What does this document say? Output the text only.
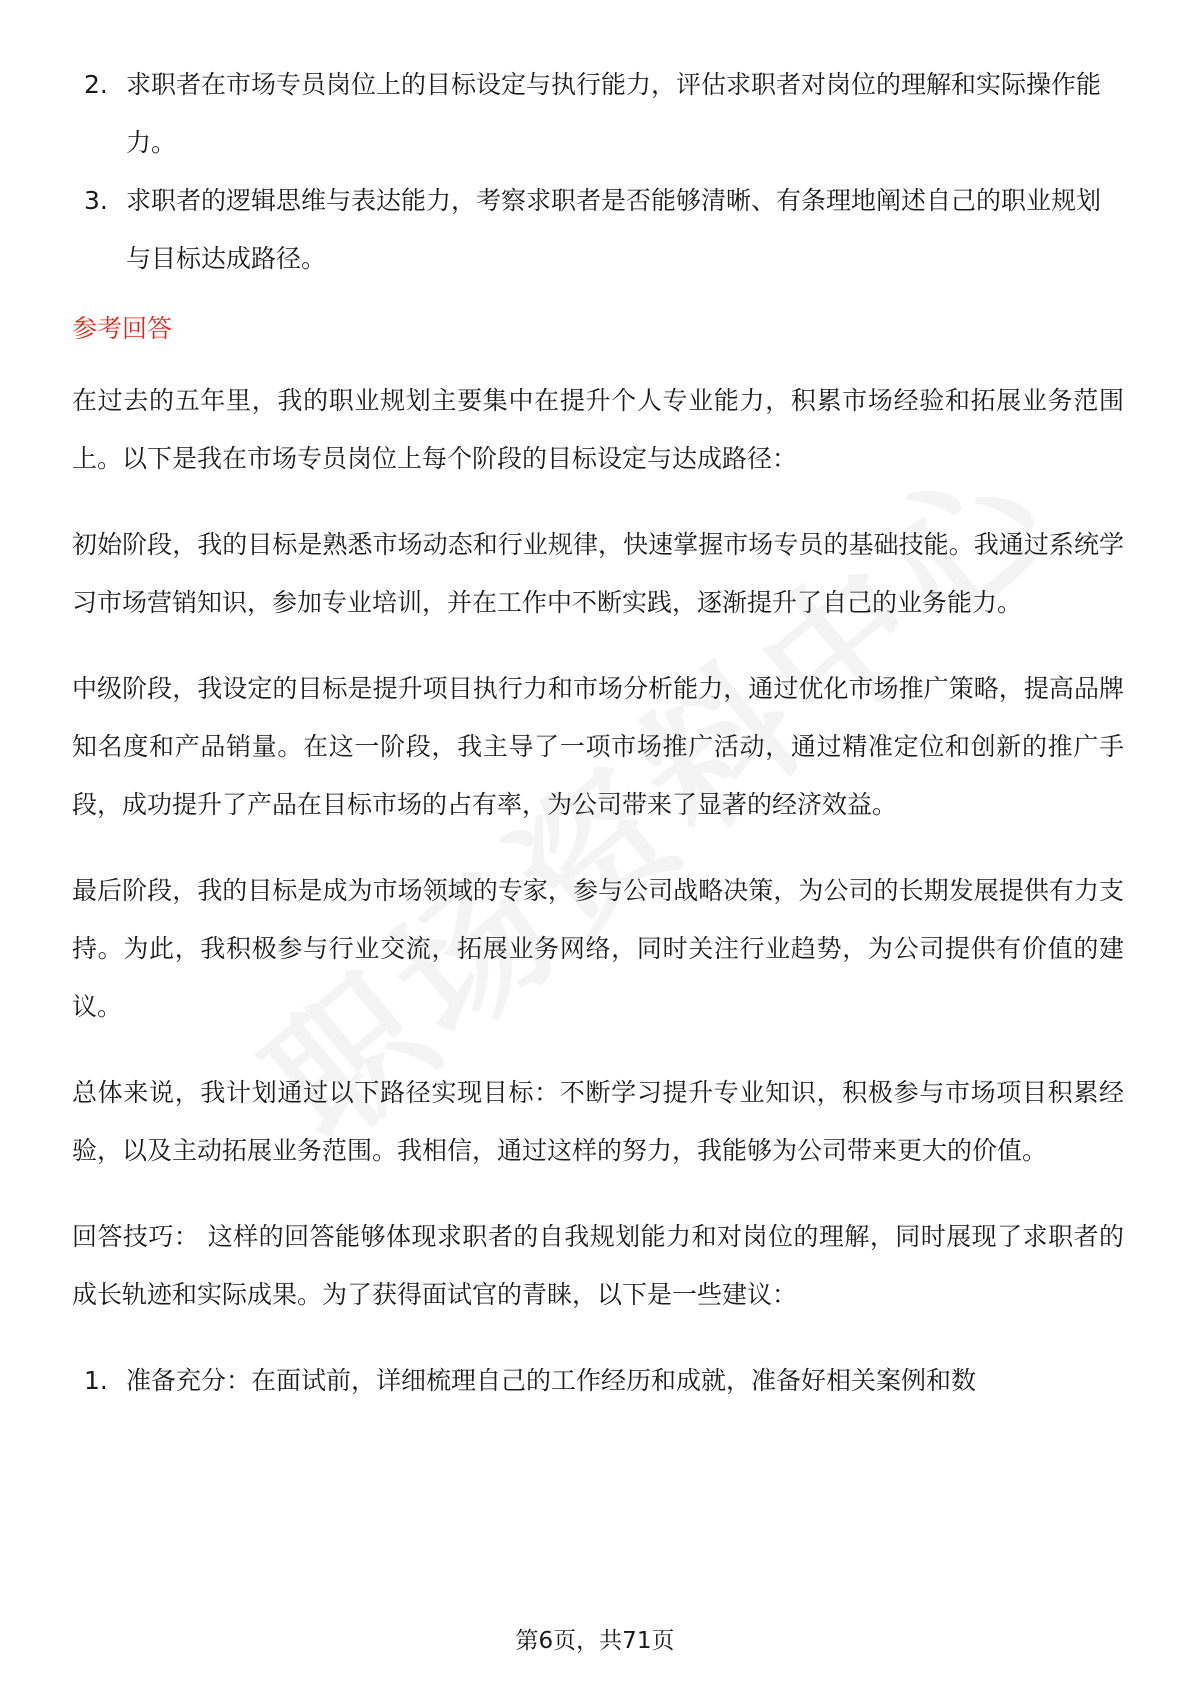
2. 求职者在市场专员岗位上的目标设定与执行能力，评估求职者对岗位的理解和实际操作能力。
3. 求职者的逻辑思维与表达能力，考察求职者是否能够清晰、有条理地阐述自己的职业规划与目标达成路径。
参考回答

在过去的五年里，我的职业规划主要集中在提升个人专业能力，积累市场经验和拓展业务范围上。以下是我在市场专员岗位上每个阶段的目标设定与达成路径：

初始阶段，我的目标是熟悉市场动态和行业规律，快速掌握市场专员的基础技能。我通过系统学习市场营销知识，参加专业培训，并在工作中不断实践，逐渐提升了自己的业务能力。

中级阶段，我设定的目标是提升项目执行力和市场分析能力，通过优化市场推广策略，提高品牌知名度和产品销量。在这一阶段，我主导了一项市场推广活动，通过精准定位和创新的推广手段，成功提升了产品在目标市场的占有率，为公司带来了显著的经济效益。

最后阶段，我的目标是成为市场领域的专家，参与公司战略决策，为公司的长期发展提供有力支持。为此，我积极参与行业交流，拓展业务网络，同时关注行业趋势，为公司提供有价值的建议。

总体来说，我计划通过以下路径实现目标：不断学习提升专业知识，积极参与市场项目积累经验，以及主动拓展业务范围。我相信，通过这样的努力，我能够为公司带来更大的价值。

回答技巧： 这样的回答能够体现求职者的自我规划能力和对岗位的理解，同时展现了求职者的成长轨迹和实际成果。为了获得面试官的青睐，以下是一些建议：

1. 准备充分：在面试前，详细梳理自己的工作经历和成就，准备好相关案例和数
第6页，共71页
